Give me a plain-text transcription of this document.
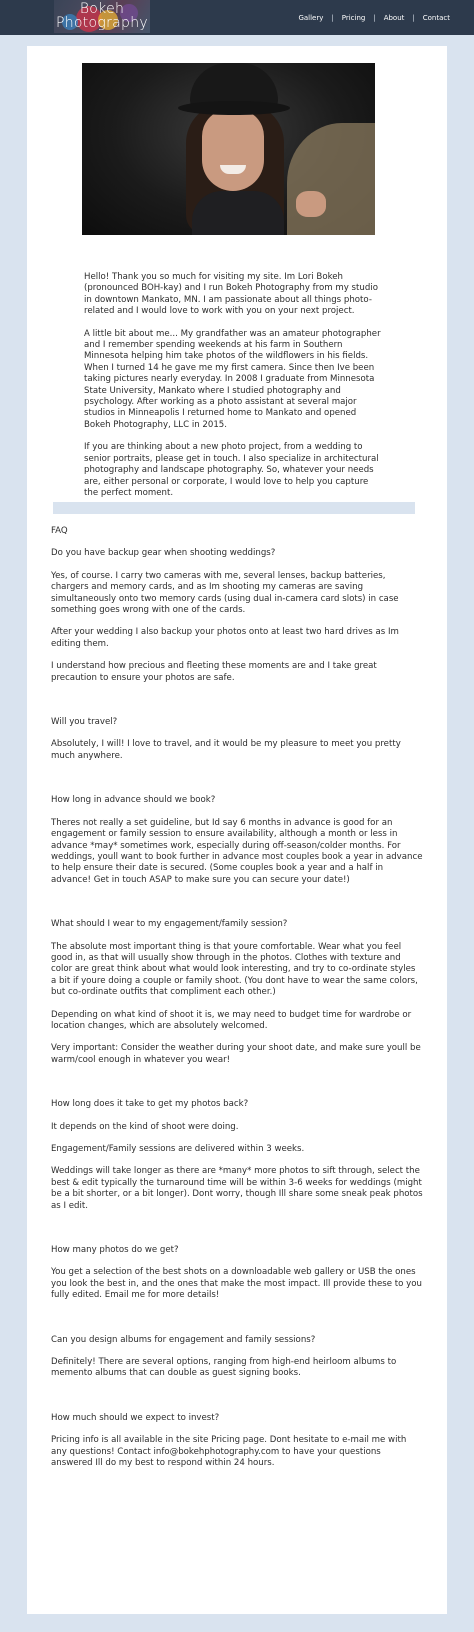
Bokeh
Photography	Gallery | Pricing | About | Contact

Hello! Thank you so much for visiting my site. Im Lori Bokeh (pronounced BOH-kay) and I run Bokeh Photography from my studio in downtown Mankato, MN. I am passionate about all things photo-related and I would love to work with you on your next project.

A little bit about me... My grandfather was an amateur photographer and I remember spending weekends at his farm in Southern Minnesota helping him take photos of the wildflowers in his fields. When I turned 14 he gave me my first camera. Since then Ive been taking pictures nearly everyday. In 2008 I graduate from Minnesota State University, Mankato where I studied photography and psychology. After working as a photo assistant at several major studios in Minneapolis I returned home to Mankato and opened Bokeh Photography, LLC in 2015.

If you are thinking about a new photo project, from a wedding to senior portraits, please get in touch. I also specialize in architectural photography and landscape photography. So, whatever your needs are, either personal or corporate, I would love to help you capture the perfect moment.

FAQ
Do you have backup gear when shooting weddings?

Yes, of course. I carry two cameras with me, several lenses, backup batteries, chargers and memory cards, and as Im shooting my cameras are saving simultaneously onto two memory cards (using dual in-camera card slots) in case something goes wrong with one of the cards.

After your wedding I also backup your photos onto at least two hard drives as Im editing them.

I understand how precious and fleeting these moments are and I take great precaution to ensure your photos are safe.

Will you travel?

Absolutely, I will! I love to travel, and it would be my pleasure to meet you pretty much anywhere.

How long in advance should we book?

Theres not really a set guideline, but Id say 6 months in advance is good for an engagement or family session to ensure availability, although a month or less in advance *may* sometimes work, especially during off-season/colder months. For weddings, youll want to book further in advance most couples book a year in advance to help ensure their date is secured. (Some couples book a year and a half in advance! Get in touch ASAP to make sure you can secure your date!)

What should I wear to my engagement/family session?

The absolute most important thing is that youre comfortable. Wear what you feel good in, as that will usually show through in the photos. Clothes with texture and color are great think about what would look interesting, and try to co-ordinate styles a bit if youre doing a couple or family shoot. (You dont have to wear the same colors, but co-ordinate outfits that compliment each other.)

Depending on what kind of shoot it is, we may need to budget time for wardrobe or location changes, which are absolutely welcomed.

Very important: Consider the weather during your shoot date, and make sure youll be warm/cool enough in whatever you wear!

How long does it take to get my photos back?

It depends on the kind of shoot were doing.

Engagement/Family sessions are delivered within 3 weeks.

Weddings will take longer as there are *many* more photos to sift through, select the best & edit typically the turnaround time will be within 3-6 weeks for weddings (might be a bit shorter, or a bit longer). Dont worry, though Ill share some sneak peak photos as I edit.

How many photos do we get?

You get a selection of the best shots on a downloadable web gallery or USB the ones you look the best in, and the ones that make the most impact. Ill provide these to you fully edited. Email me for more details!

Can you design albums for engagement and family sessions?

Definitely! There are several options, ranging from high-end heirloom albums to memento albums that can double as guest signing books.

How much should we expect to invest?

Pricing info is all available in the site Pricing page. Dont hesitate to e-mail me with any questions! Contact info@bokehphotography.com to have your questions answered Ill do my best to respond within 24 hours.
